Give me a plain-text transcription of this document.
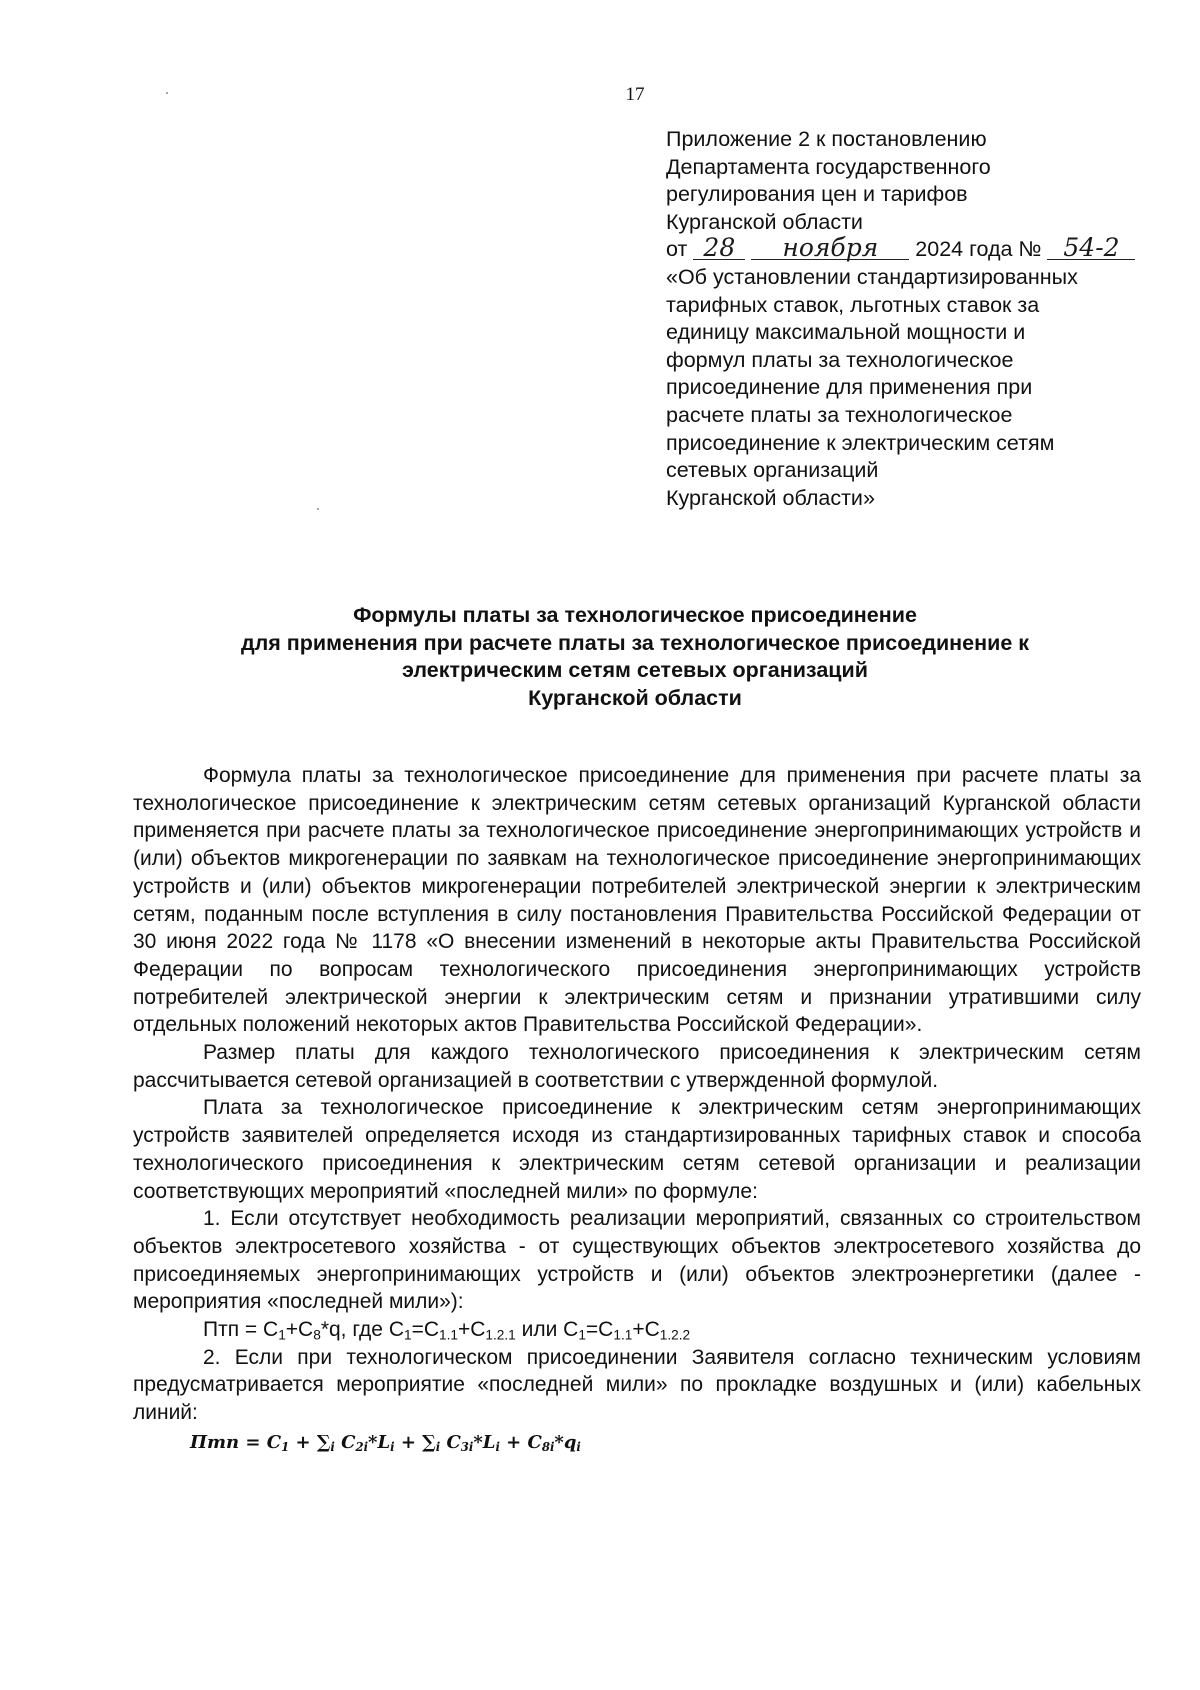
17
Приложение 2 к постановлению
Департамента государственного
регулирования цен и тарифов
Курганской области
от 28 ноября 2024 года № 54-2
«Об установлении стандартизированных
тарифных ставок, льготных ставок за
единицу максимальной мощности и
формул платы за технологическое
присоединение для применения при
расчете платы за технологическое
присоединение к электрическим сетям
сетевых организаций
Курганской области»
Формулы платы за технологическое присоединение
для применения при расчете платы за технологическое присоединение к
электрическим сетям сетевых организаций
Курганской области

Формула платы за технологическое присоединение для применения при расчете платы за технологическое присоединение к электрическим сетям сетевых организаций Курганской области применяется при расчете платы за технологическое присоединение энергопринимающих устройств и (или) объектов микрогенерации по заявкам на технологическое присоединение энергопринимающих устройств и (или) объектов микрогенерации потребителей электрической энергии к электрическим сетям, поданным после вступления в силу постановления Правительства Российской Федерации от 30 июня 2022 года № 1178 «О внесении изменений в некоторые акты Правительства Российской Федерации по вопросам технологического присоединения энергопринимающих устройств потребителей электрической энергии к электрическим сетям и признании утратившими силу отдельных положений некоторых актов Правительства Российской Федерации».

Размер платы для каждого технологического присоединения к электрическим сетям рассчитывается сетевой организацией в соответствии с утвержденной формулой.

Плата за технологическое присоединение к электрическим сетям энергопринимающих устройств заявителей определяется исходя из стандартизированных тарифных ставок и способа технологического присоединения к электрическим сетям сетевой организации и реализации соответствующих мероприятий «последней мили» по формуле:

1. Если отсутствует необходимость реализации мероприятий, связанных со строительством объектов электросетевого хозяйства - от существующих объектов электросетевого хозяйства до присоединяемых энергопринимающих устройств и (или) объектов электроэнергетики (далее - мероприятия «последней мили»):

Птп = $С_1+С_8*q$, где $С_1=С_{1.1}+С_{1.2.1}$ или $С_1=С_{1.1}+С_{1.2.2}$

2. Если при технологическом присоединении Заявителя согласно техническим условиям предусматривается мероприятие «последней мили» по прокладке воздушных и (или) кабельных линий:

Птп = $C_1 + \sum_i$ $C_{2i}*L_i + \sum_i$ $C_{3i}*L_i + C_{8i}*q_i$
